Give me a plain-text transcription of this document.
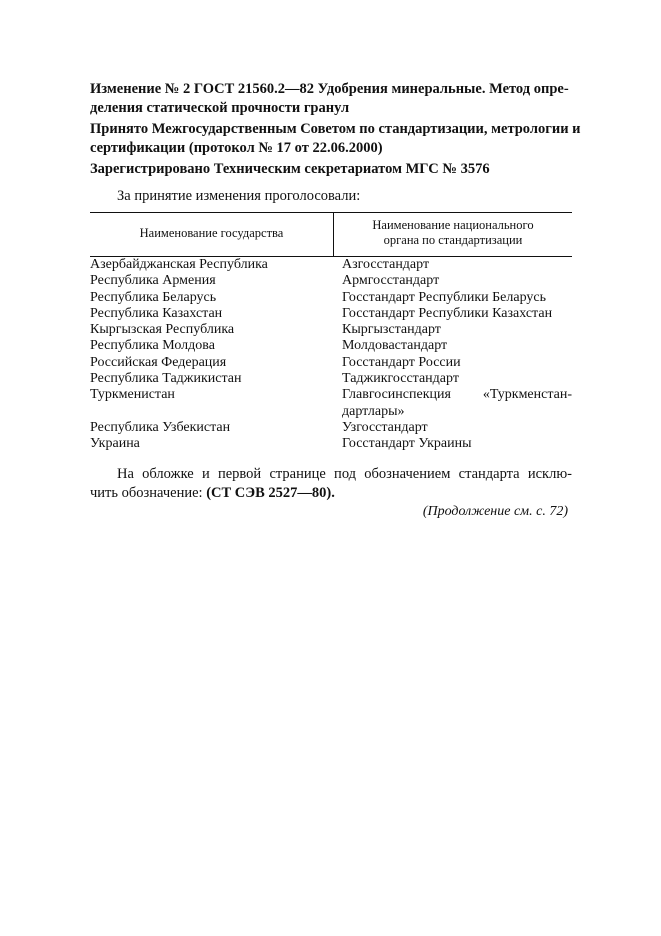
Изменение № 2 ГОСТ 21560.2—82 Удобрения минеральные. Метод опре-
деления статической прочности гранул
Принято Межгосударственным Советом по стандартизации, метрологии и
сертификации (протокол № 17 от 22.06.2000)
Зарегистрировано Техническим секретариатом МГС № 3576
За принятие изменения проголосовали:
Наименование государства
Наименование национального
органа по стандартизации
Азербайджанская Республика	Азгосстандарт
Республика Армения	Армгосстандарт
Республика Беларусь	Госстандарт Республики Беларусь
Республика Казахстан	Госстандарт Республики Казахстан
Кыргызская Республика	Кыргызстандарт
Республика Молдова	Молдовастандарт
Российская Федерация	Госстандарт России
Республика Таджикистан	Таджикгосстандарт
Туркменистан	Главгосинспекция «Туркменстан-
дартлары»
Республика Узбекистан	Узгосстандарт
Украина	Госстандарт Украины
На обложке и первой странице под обозначением стандарта исклю-
чить обозначение: (СТ СЭВ 2527—80).
(Продолжение см. с. 72)
